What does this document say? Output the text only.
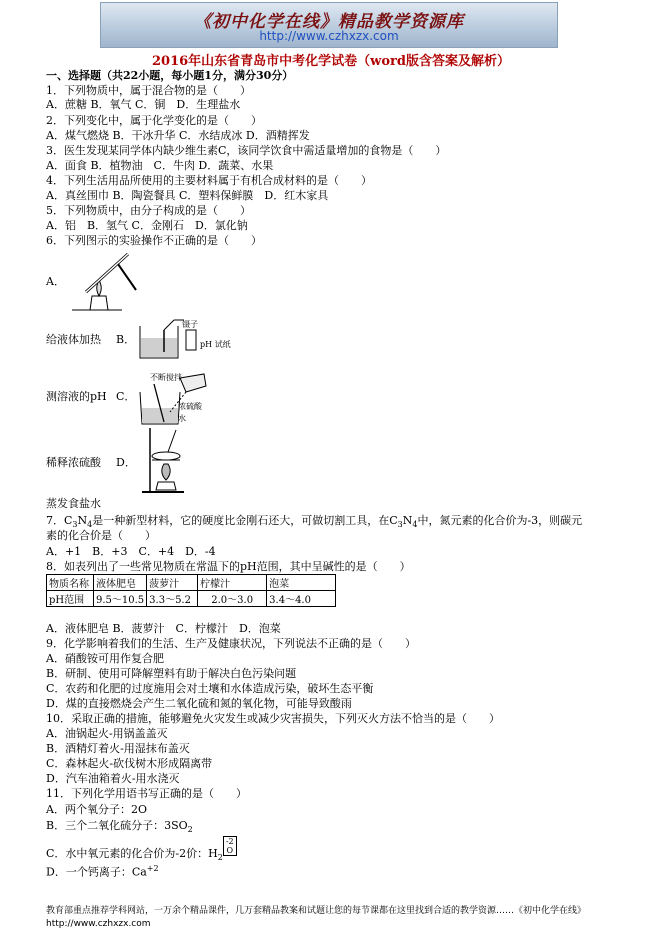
《初中化学在线》精品教学资源库
http://www.czhxzx.com
2016年山东省青岛市中考化学试卷（word版含答案及解析）
一、选择题（共22小题，每小题1分，满分30分）
1．下列物质中，属于混合物的是（　　）
A．蔗糖 B．氧气 C．铜　D．生理盐水
2．下列变化中，属于化学变化的是（　　）
A．煤气燃烧 B．干冰升华 C．水结成冰 D．酒精挥发
3．医生发现某同学体内缺少维生素C，该同学饮食中需适量增加的食物是（　　）
A．面食 B．植物油　C．牛肉 D．蔬菜、水果
4．下列生活用品所使用的主要材料属于有机合成材料的是（　　）
A．真丝围巾 B．陶瓷餐具 C．塑料保鲜膜　D．红木家具
5．下列物质中，由分子构成的是（　　）
A．铝　B．氢气 C．金刚石　D．氯化钠
6．下列图示的实验操作不正确的是（　　）
A．
给液体加热 B．
镊子
pH 试纸
测溶液的pH C．
不断搅拌
浓硫酸
水
稀释浓硫酸 D．
蒸发食盐水
7．$C_3N_4$是一种新型材料，它的硬度比金刚石还大，可做切割工具，在$C_3N_4$中，氮元素的化合价为-3，则碳元
素的化合价是（　　）
A．+1　B．+3　C．+4　D．-4
8．如表列出了一些常见物质在常温下的pH范围，其中呈碱性的是（　　）
物质名称	液体肥皂	菠萝汁	柠檬汁	泡菜
pH范围	9.5～10.5	3.3～5.2	2.0～3.0	3.4～4.0
A．液体肥皂 B．菠萝汁　C．柠檬汁　D．泡菜
9．化学影响着我们的生活、生产及健康状况，下列说法不正确的是（　　）
A．硝酸铵可用作复合肥
B．研制、使用可降解塑料有助于解决白色污染问题
C．农药和化肥的过度施用会对土壤和水体造成污染，破坏生态平衡
D．煤的直接燃烧会产生二氧化硫和氮的氧化物，可能导致酸雨
10．采取正确的措施，能够避免火灾发生或减少灾害损失，下列灭火方法不恰当的是（　　）
A．油锅起火-用锅盖盖灭
B．酒精灯着火-用湿抹布盖灭
C．森林起火-砍伐树木形成隔离带
D．汽车油箱着火-用水浇灭
11．下列化学用语书写正确的是（　　）
A．两个氧分子：2O
B．三个二氧化硫分子：$3SO_2$
C．水中氧元素的化合价为-2价：$H_2-2$
O
D．一个钙离子：$Ca^{+2}$
教育部重点推荐学科网站，一万余个精品课件，几万套精品教案和试题让您的每节课都在这里找到合适的教学资源……《初中化学在线》http://www.czhxzx.com
